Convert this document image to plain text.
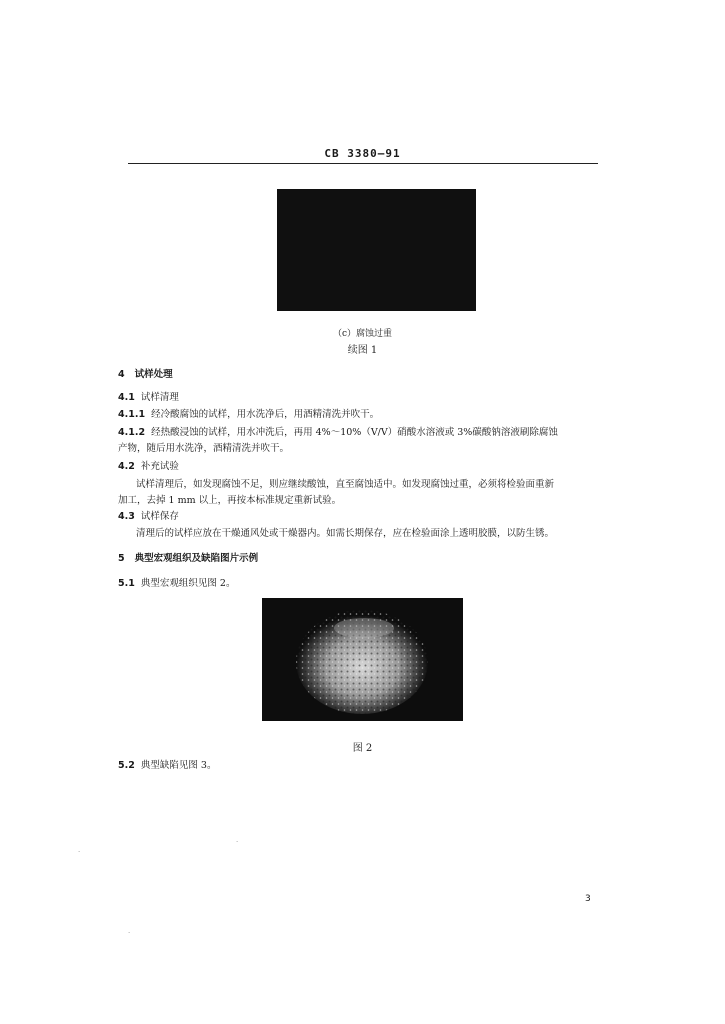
CB 3380—91
（c）腐蚀过重
续图 1
4 试样处理
4.1 试样清理
4.1.1 经冷酸腐蚀的试样，用水洗净后，用酒精清洗并吹干。
4.1.2 经热酸浸蚀的试样，用水冲洗后，再用 4%～10%（V/V）硝酸水溶液或 3%碳酸钠溶液刷除腐蚀
产物，随后用水洗净，酒精清洗并吹干。
4.2 补充试验
试样清理后，如发现腐蚀不足，则应继续酸蚀，直至腐蚀适中。如发现腐蚀过重，必须将检验面重新
加工，去掉 1 mm 以上，再按本标准规定重新试验。
4.3 试样保存
清理后的试样应放在干燥通风处或干燥器内。如需长期保存，应在检验面涂上透明胶膜，以防生锈。
5 典型宏观组织及缺陷图片示例
5.1 典型宏观组织见图 2。
图 2
5.2 典型缺陷见图 3。
3
·
·
·
